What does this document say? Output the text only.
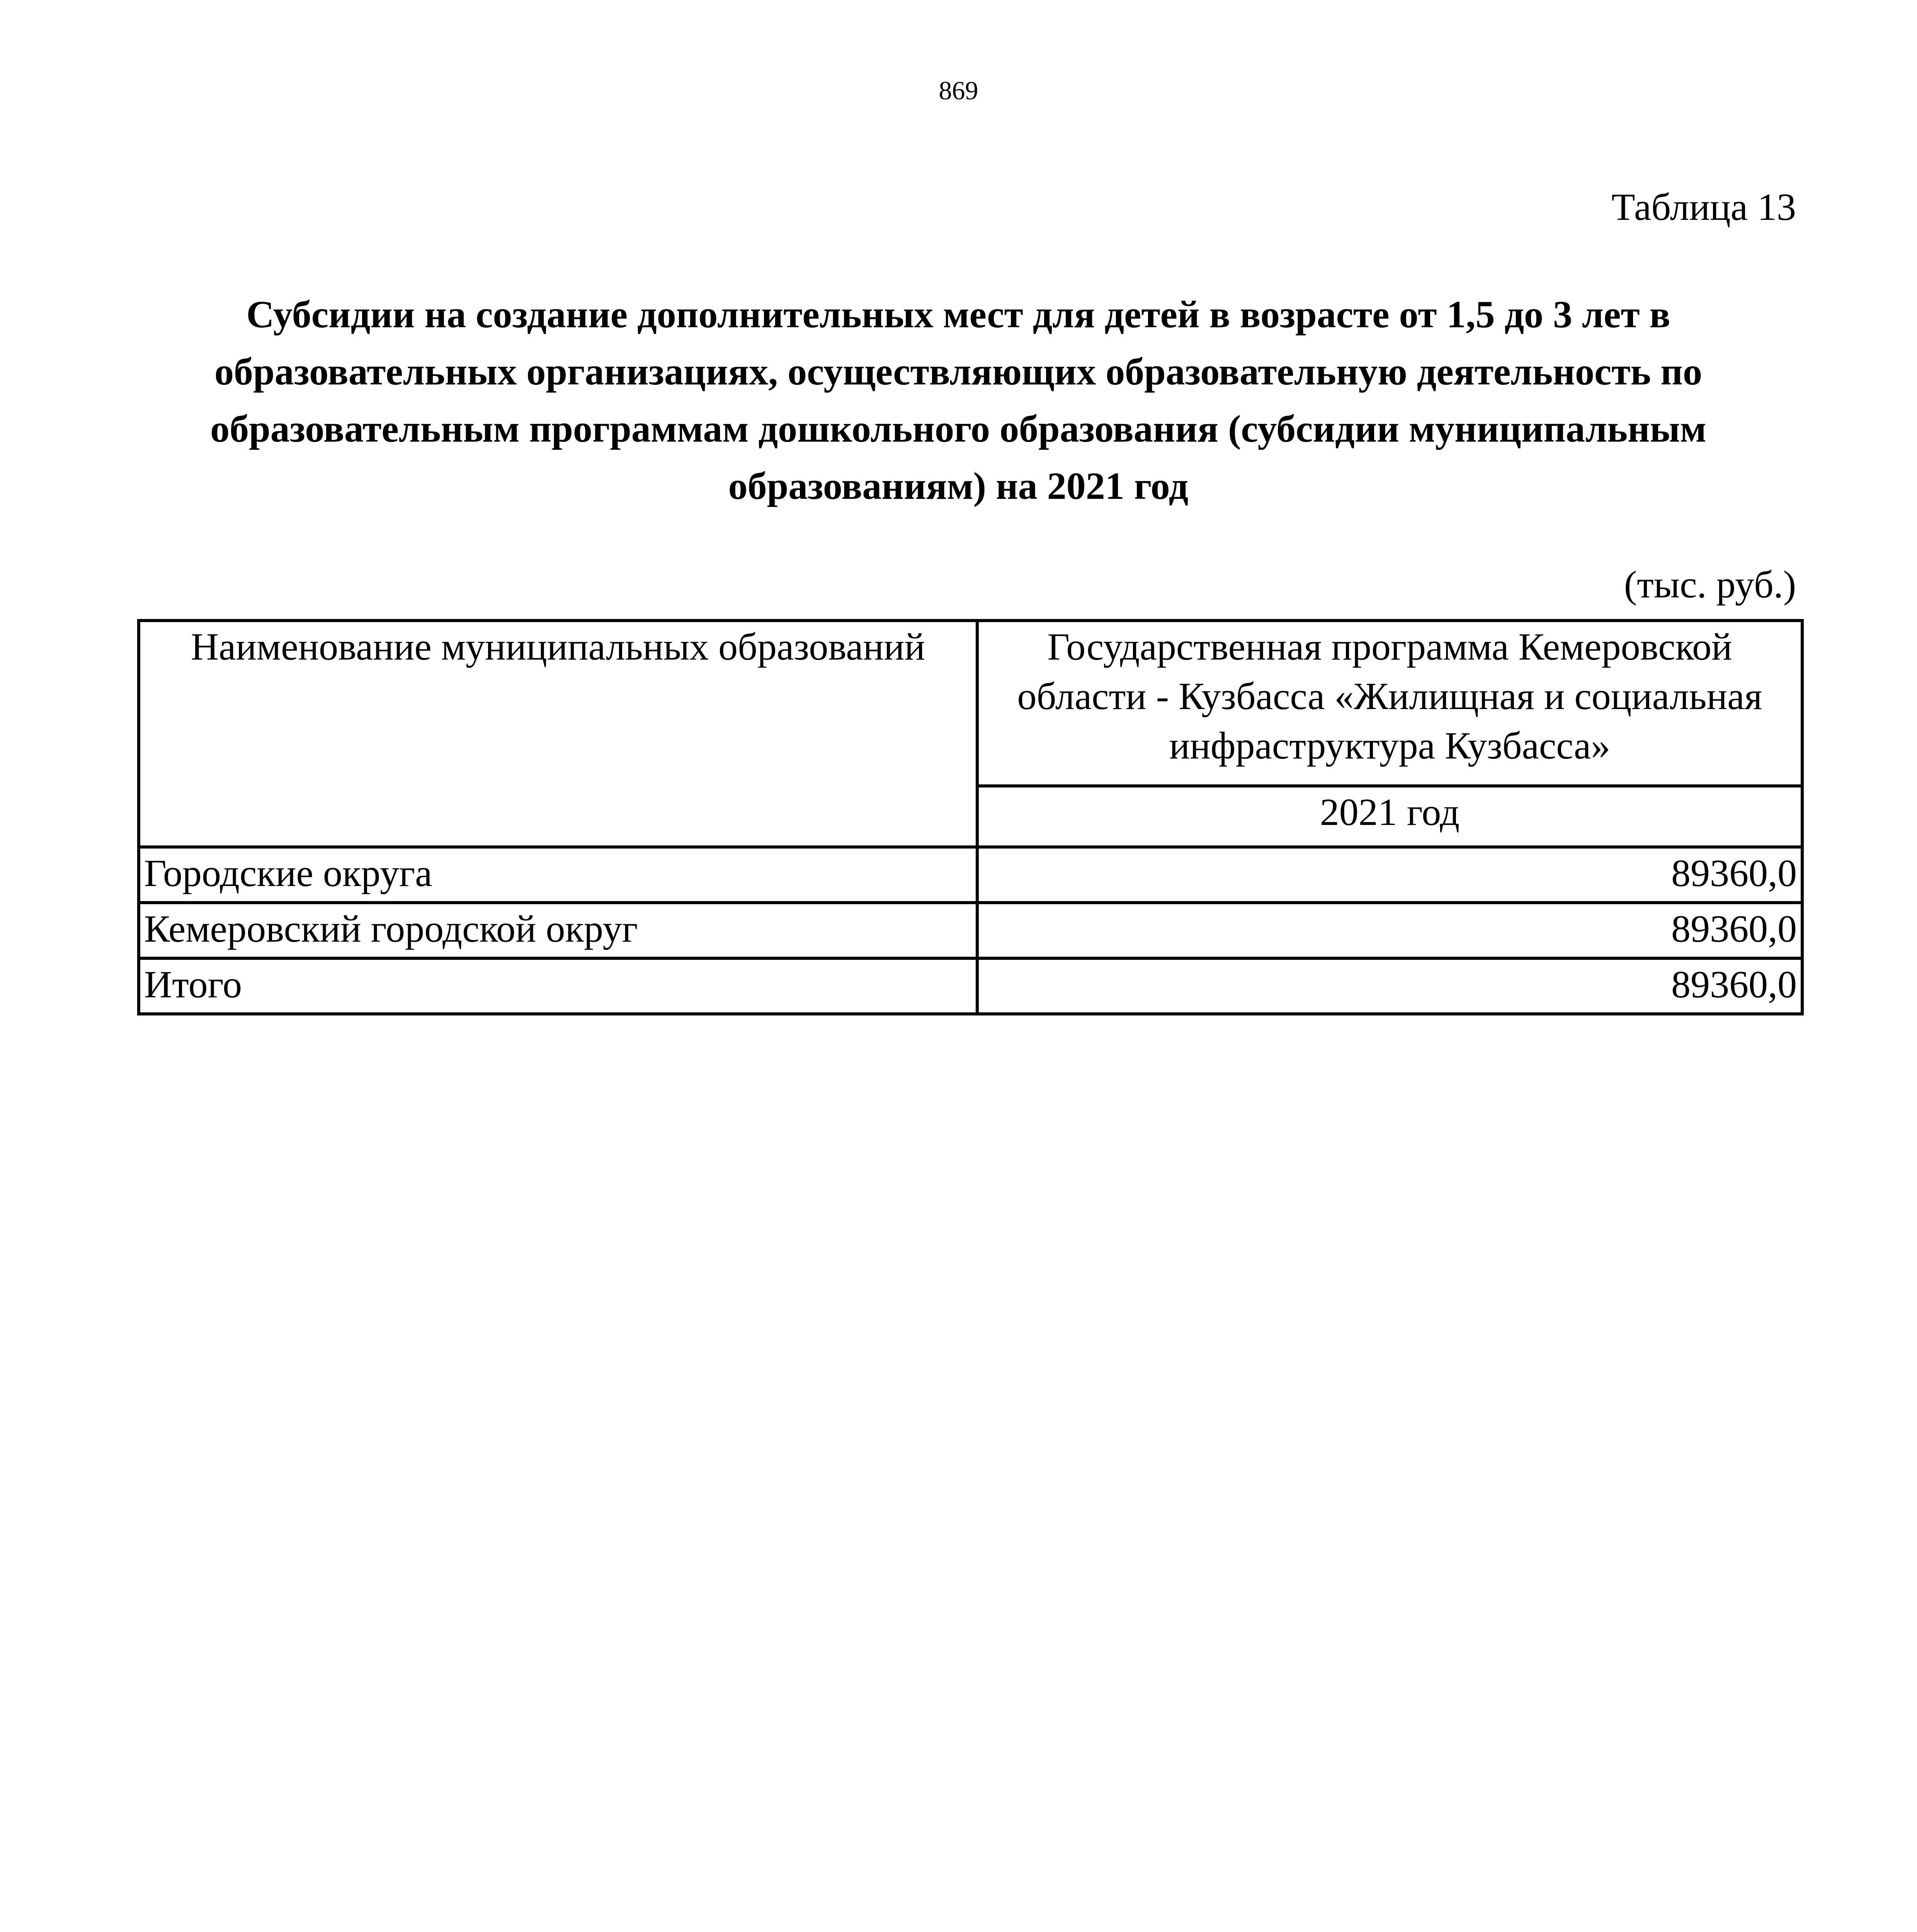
869
Таблица 13
Субсидии на создание дополнительных мест для детей в возрасте от 1,5 до 3 лет в образовательных организациях, осуществляющих образовательную деятельность по образовательным программам дошкольного образования (субсидии муниципальным образованиям) на 2021 год
(тыс. руб.)
Наименование муниципальных образований	Государственная программа Кемеровской области - Кузбасса «Жилищная и социальная инфраструктура Кузбасса»
	2021 год
Городские округа	89360,0
Кемеровский городской округ	89360,0
Итого	89360,0
